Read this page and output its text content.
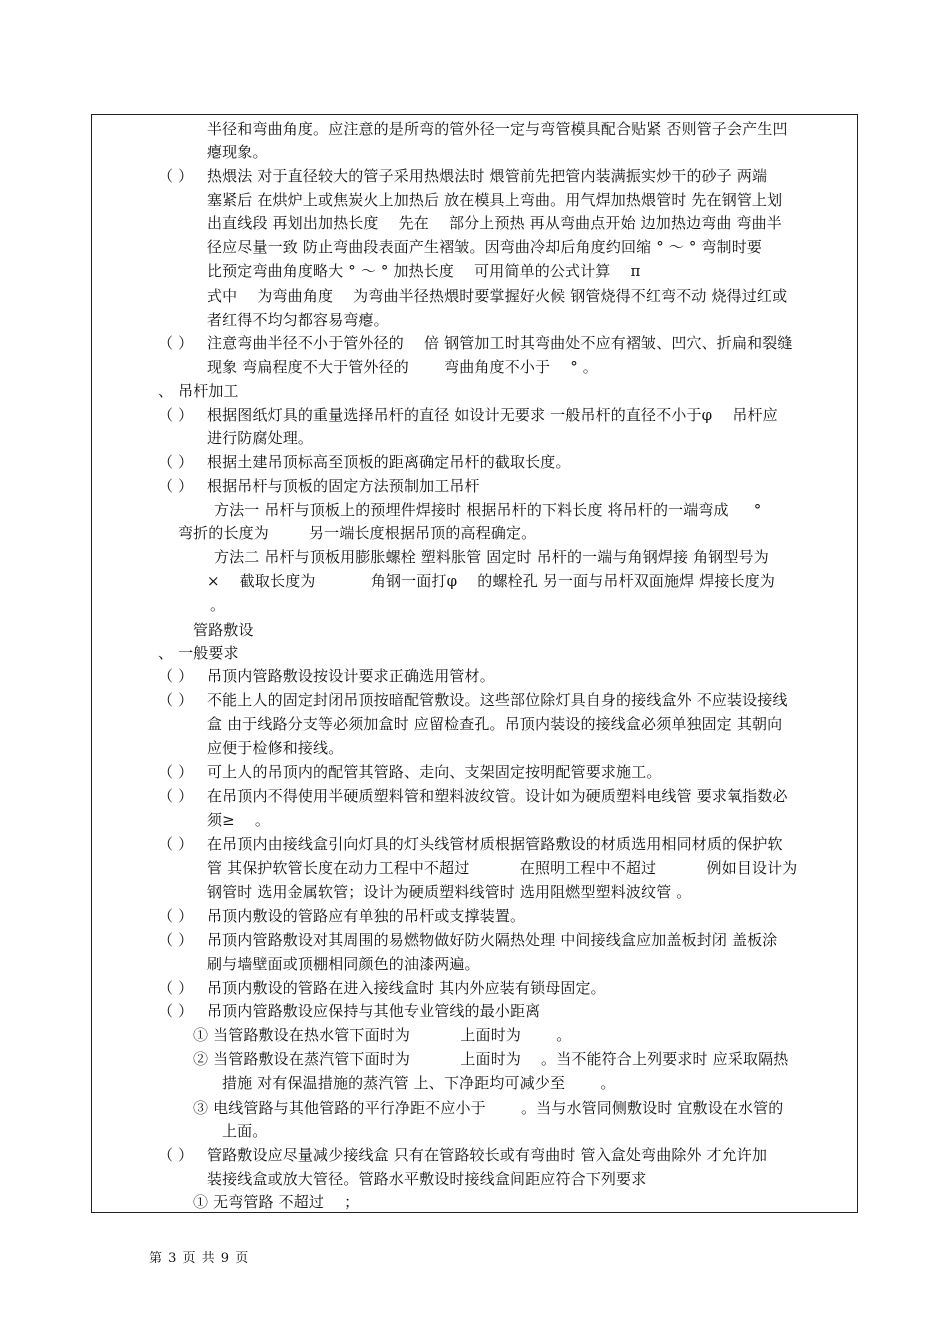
半径和弯曲角度。应注意的是所弯的管外径一定与弯管模具配合贴紧 否则管子会产生凹
瘪现象。
（ ） 热煨法 对于直径较大的管子采用热煨法时 煨管前先把管内装满振实炒干的砂子 两端
塞紧后 在烘炉上或焦炭火上加热后 放在模具上弯曲。用气焊加热煨管时 先在钢管上划
出直线段 再划出加热长度 　先在 　部分上预热 再从弯曲点开始 边加热边弯曲 弯曲半
径应尽量一致 防止弯曲段表面产生褶皱。因弯曲冷却后角度约回缩 ° ～ ° 弯制时要
比预定弯曲角度略大 ° ～ ° 加热长度 　可用简单的公式计算 　π
式中 　为弯曲角度 　为弯曲半径热煨时要掌握好火候 钢管烧得不红弯不动 烧得过红或
者红得不均匀都容易弯瘪。
（ ） 注意弯曲半径不小于管外径的 　倍 钢管加工时其弯曲处不应有褶皱、凹穴、折扁和裂缝
现象 弯扁程度不大于管外径的 　　弯曲角度不小于 　° 。
、 吊杆加工
（ ） 根据图纸灯具的重量选择吊杆的直径 如设计无要求 一般吊杆的直径不小于φ 　吊杆应
进行防腐处理。
（ ） 根据土建吊顶标高至顶板的距离确定吊杆的截取长度。
（ ） 根据吊杆与顶板的固定方法预制加工吊杆
方法一 吊杆与顶板上的预埋件焊接时 根据吊杆的下料长度 将吊杆的一端弯成 　 °
弯折的长度为 　　 另一端长度根据吊顶的高程确定。
方法二 吊杆与顶板用膨胀螺栓 塑料胀管 固定时 吊杆的一端与角钢焊接 角钢型号为
× 　截取长度为 　　　 角钢一面打φ 　的螺栓孔 另一面与吊杆双面施焊 焊接长度为
。
管路敷设
、 一般要求
（ ） 吊顶内管路敷设按设计要求正确选用管材。
（ ） 不能上人的固定封闭吊顶按暗配管敷设。这些部位除灯具自身的接线盒外 不应装设接线
盒 由于线路分支等必须加盒时 应留检查孔。吊顶内装设的接线盒必须单独固定 其朝向
应便于检修和接线。
（ ） 可上人的吊顶内的配管其管路、走向、支架固定按明配管要求施工。
（ ） 在吊顶内不得使用半硬质塑料管和塑料波纹管。设计如为硬质塑料电线管 要求氧指数必
须≥ 　。
（ ） 在吊顶内由接线盒引向灯具的灯头线管材质根据管路敷设的材质选用相同材质的保护软
管 其保护软管长度在动力工程中不超过 　　　在照明工程中不超过 　　　例如目设计为
钢管时 选用金属软管；设计为硬质塑料线管时 选用阻燃型塑料波纹管 。
（ ） 吊顶内敷设的管路应有单独的吊杆或支撑装置。
（ ） 吊顶内管路敷设对其周围的易燃物做好防火隔热处理 中间接线盒应加盖板封闭 盖板涂
刷与墙壁面或顶棚相同颜色的油漆两遍。
（ ） 吊顶内敷设的管路在进入接线盒时 其内外应装有锁母固定。
（ ） 吊顶内管路敷设应保持与其他专业管线的最小距离
① 当管路敷设在热水管下面时为 　　　上面时为 　　。
② 当管路敷设在蒸汽管下面时为 　　　上面时为 　。当不能符合上列要求时 应采取隔热
措施 对有保温措施的蒸汽管 上、下净距均可减少至 　　。
③ 电线管路与其他管路的平行净距不应小于 　　。当与水管同侧敷设时 宜敷设在水管的
上面。
（ ） 管路敷设应尽量减少接线盒 只有在管路较长或有弯曲时 管入盒处弯曲除外 才允许加
装接线盒或放大管径。管路水平敷设时接线盒间距应符合下列要求
① 无弯管路 不超过 　；
第 3 页 共 9 页
